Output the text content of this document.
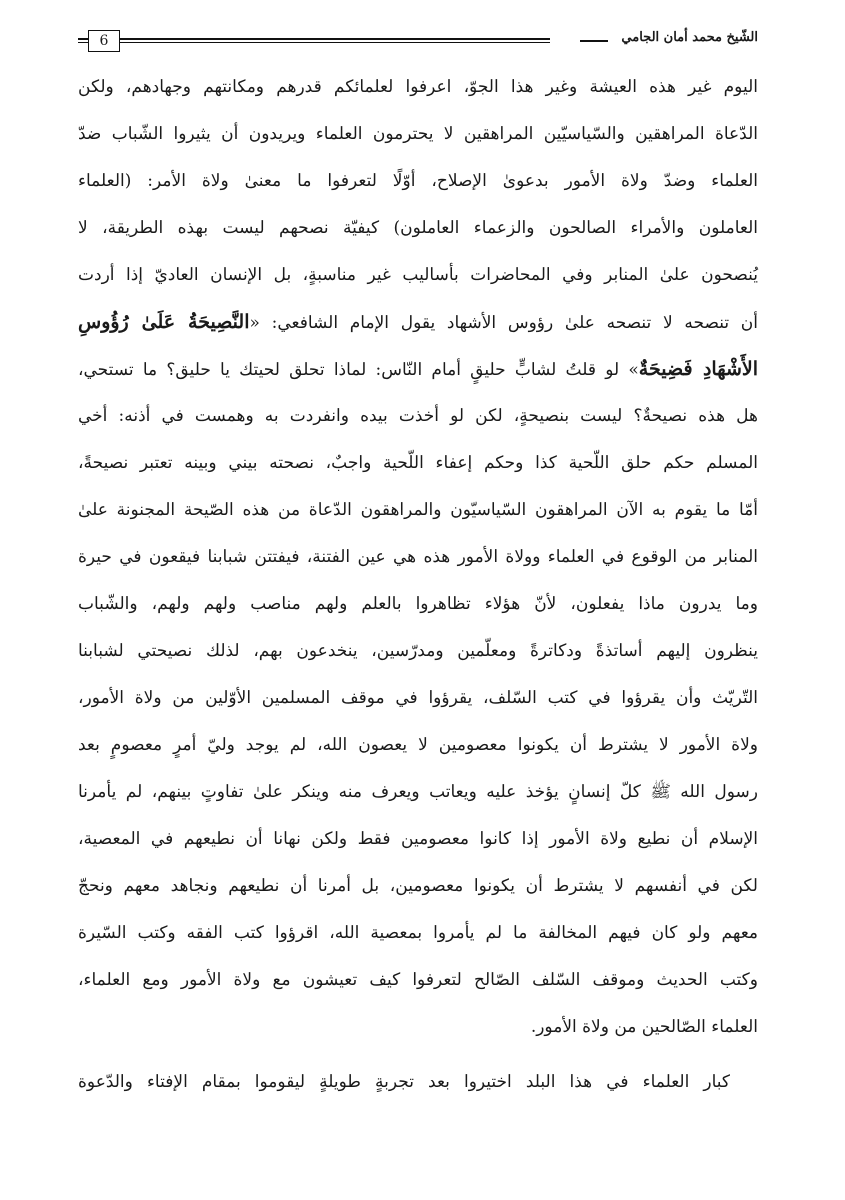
الشّيخ محمد أمان الجامي
6
اليوم غير هذه العيشة وغير هذا الجوّ، اعرفوا لعلمائكم قدرهم ومكانتهم وجهادهم، ولكن
الدّعاة المراهقين والسّياسيّين المراهقين لا يحترمون العلماء ويريدون أن يثيروا الشّباب ضدّ
العلماء وضدّ ولاة الأمور بدعوىٰ الإصلاح، أوّلًا لتعرفوا ما معنىٰ ولاة الأمر: (العلماء
العاملون والأمراء الصالحون والزعماء العاملون) كيفيّة نصحهم ليست بهذه الطريقة، لا
يُنصحون علىٰ المنابر وفي المحاضرات بأساليب غير مناسبةٍ، بل الإنسان العاديّ إذا أردت
أن تنصحه لا تنصحه علىٰ رؤوس الأشهاد يقول الإمام الشافعي: «النَّصِيحَةُ عَلَىٰ رُؤُوسِ
الأَشْهَادِ فَضِيحَةٌ» لو قلتُ لشابٍّ حليقٍ أمام النّاس: لماذا تحلق لحيتك يا حليق؟ ما تستحي،
هل هذه نصيحةٌ؟ ليست بنصيحةٍ، لكن لو أخذت بيده وانفردت به وهمست في أذنه: أخي
المسلم حكم حلق اللّحية كذا وحكم إعفاء اللّحية واجبٌ، نصحته بيني وبينه تعتبر نصيحةً،
أمّا ما يقوم به الآن المراهقون السّياسيّون والمراهقون الدّعاة من هذه الصّيحة المجنونة علىٰ
المنابر من الوقوع في العلماء وولاة الأمور هذه هي عين الفتنة، فيفتتن شبابنا فيقعون في حيرة
وما يدرون ماذا يفعلون، لأنّ هؤلاء تظاهروا بالعلم ولهم مناصب ولهم ولهم، والشّباب
ينظرون إليهم أساتذةً ودكاترةً ومعلّمين ومدرّسين، ينخدعون بهم، لذلك نصيحتي لشبابنا
التّريّث وأن يقرؤوا في كتب السّلف، يقرؤوا في موقف المسلمين الأوّلين من ولاة الأمور،
ولاة الأمور لا يشترط أن يكونوا معصومين لا يعصون الله، لم يوجد وليّ أمرٍ معصومٍ بعد
رسول الله ﷺ كلّ إنسانٍ يؤخذ عليه ويعاتب ويعرف منه وينكر علىٰ تفاوتٍ بينهم، لم يأمرنا
الإسلام أن نطيع ولاة الأمور إذا كانوا معصومين فقط ولكن نهانا أن نطيعهم في المعصية،
لكن في أنفسهم لا يشترط أن يكونوا معصومين، بل أمرنا أن نطيعهم ونجاهد معهم ونحجّ
معهم ولو كان فيهم المخالفة ما لم يأمروا بمعصية الله، اقرؤوا كتب الفقه وكتب السّيرة
وكتب الحديث وموقف السّلف الصّالح لتعرفوا كيف تعيشون مع ولاة الأمور ومع العلماء،
العلماء الصّالحين من ولاة الأمور.
كبار العلماء في هذا البلد اختيروا بعد تجربةٍ طويلةٍ ليقوموا بمقام الإفتاء والدّعوة
